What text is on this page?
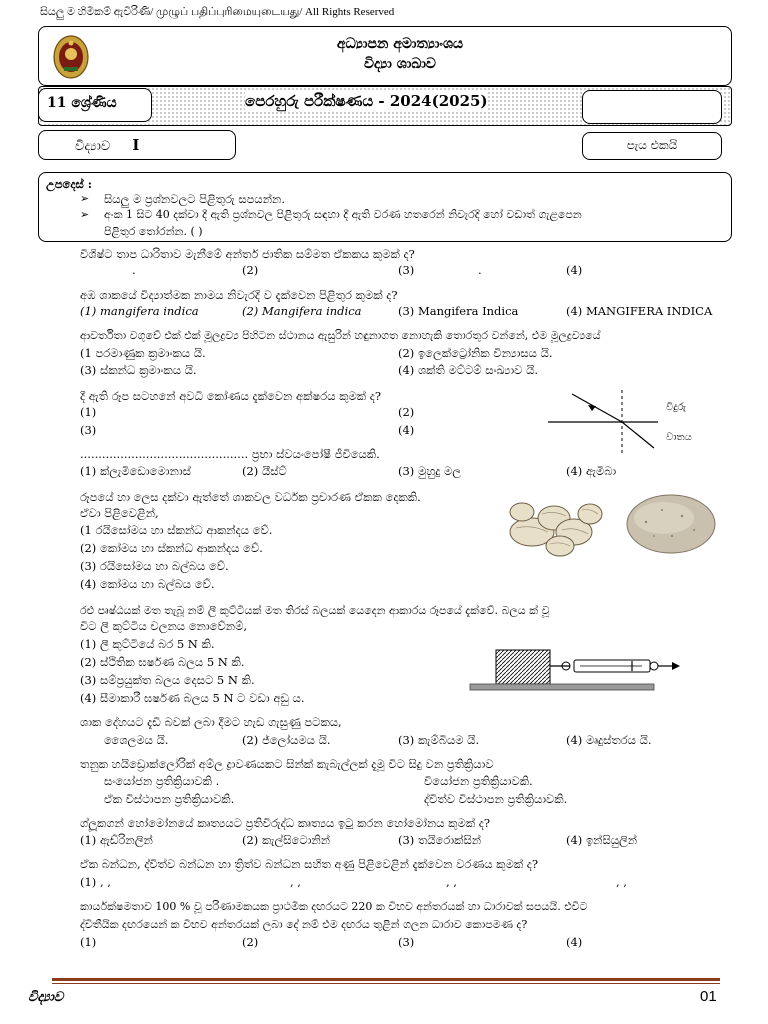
සියලු ම හිමිකම් ඇවිරිණි/ முழுப் பதிப்புரிமையுடையது/ All Rights Reserved
අධ්‍යාපන අමාත්‍යාංශය
විද්‍යා ශාඛාව
11 ශ්‍රේණිය	පෙරහුරු පරීක්ෂණය - 2024(2025)
විද්‍යාව I	පැය එකයි
උපදෙස් :
➢ සියලු ම ප්‍රශ්නවලට පිළිතුරු සපයන්න.
➢ අංක 1 සිට 40 දක්වා දී ඇති ප්‍රශ්නවල පිළිතුරු සඳහා දී ඇති වරණ හතරෙන් නිවැරදි හෝ වඩාත් ගැළපෙන
පිළිතුර තෝරන්න. ( )
විශිෂ්ට තාප ධාරිතාව මැනීමේ අන්තර් ජාතික සම්මත ඒකකය කුමක් ද?
.	(2)	(3)	.	(4)
අඹ ශාකයේ විද්‍යාත්මක නාමය නිවැරදි ව දැක්වෙන පිළිතුර කුමක් ද?
(1) mangifera indica	(2) Mangifera indica	(3) Mangifera Indica	(4) MANGIFERA INDICA
ආවර්තිතා වගුවේ එක් එක් මූලද්‍රව්‍ය පිහිටන ස්ථානය ඇසුරින් හඳුනාගත නොහැකි තොරතුර වන්නේ, එම මූලද්‍රව්‍යයේ
(1 පරමාණුක ක්‍රමාංකය යි.	(2) ඉලෙක්ට්‍රෝනික වින්‍යාසය යි.
(3) ස්කන්ධ ක්‍රමාංකය යි.	(4) ශක්ති මට්ටම් සංඛ්‍යාව යි.
දී ඇති රූප සටහනේ අවධි කෝණය දැක්වෙන අක්ෂරය කුමක් ද?
(1)	(2)
(3)	(4)
විදුරු
වාතය
.............................................. ප්‍රභා ස්වයංපෝෂී ජීවියෙකි.
(1) ක්ලැමිඩොමොනාස්	(2) යීස්ට්	(3) මුහුදු මල	(4) ඇමීබා
රූපයේ හා ලෙස දක්වා ඇත්තේ ශාකවල වර්ධක ප්‍රචාරණ ඒකක දෙකකි.
ඒවා පිළිවෙළින්,
(1 රයිසෝමය හා ස්කන්ධ ආකන්දය වේ.
(2) කෝමය හා ස්කන්ධ ආකන්දය වේ.
(3) රයිසෝමය හා බල්බය වේ.
(4) කෝමය හා බල්බය වේ.
රළු පෘෂ්ඨයක් මත තැබූ නම් ලී කුට්ටියක් මත තිරස් බලයක් යෙදෙන ආකාරය රූපයේ දැක්වේ. බලය ක් වූ
විට ලී කුට්ටිය චලනය නොවේනම්,
(1) ලී කුට්ටියේ බර 5 N කි.
(2) ස්ථිතික ඝර්ෂණ බලය 5 N කි.
(3) සම්ප්‍රයුක්ත බලය දෙසට 5 N කි.
(4) සීමාකාරී ඝර්ෂණ බලය 5 N ට වඩා අඩු ය.
ශාක දේහයට දැඩි බවක් ලබා දීමට හැඩ ගැසුණු පටකය,
ශෛලමය යි.	(2) ජ්ලෝයමය යි.	(3) කැම්බියම යි.	(4) මෘදුස්තරය යි.
තනුක හයිඩ්‍රොක්ලෝරික් අම්ල ද්‍රාවණයකට සින්ක් කැබැල්ලක් දැමූ විට සිදු වන ප්‍රතික්‍රියාව
සංයෝජන ප්‍රතික්‍රියාවකි .	වියෝජන ප්‍රතික්‍රියාවකි.
ඒක විස්ථාපන ප්‍රතික්‍රියාවකි.	ද්විත්ව විස්ථාපන ප්‍රතික්‍රියාවකි.
ග්ලූකගන් හෝමෝනයේ කෘත්‍යයට ප්‍රතිවිරුද්ධ කෘත්‍යය ඉටු කරන හෝමෝනය කුමක් ද?
(1) ඇඩ්රිනලින්	(2) කැල්සිටොනින්	(3) තයිරොක්සින්	(4) ඉන්සියුලින්
ඒක බන්ධන, ද්විත්ව බන්ධන හා ත්‍රිත්ව බන්ධන සහිත අණු පිළිවෙළින් දැක්වෙන වරණය කුමක් ද?
(1) , ,	, ,	, ,	, ,
කාර්යක්ෂමතාව 100 % වූ පරිණාමකයක ප්‍රාථමික දඟරයට 220 ක විභව අන්තරයක් හා ධාරාවක් සපයයි. එවිට
ද්විතීයික දඟරයෙන් ක විභව අන්තරයක් ලබා දේ නම් එම දඟරය තුළින් ගලන ධාරාව කොපමණ ද?
(1)	(2)	(3)	(4)
විද්‍යාව	01
